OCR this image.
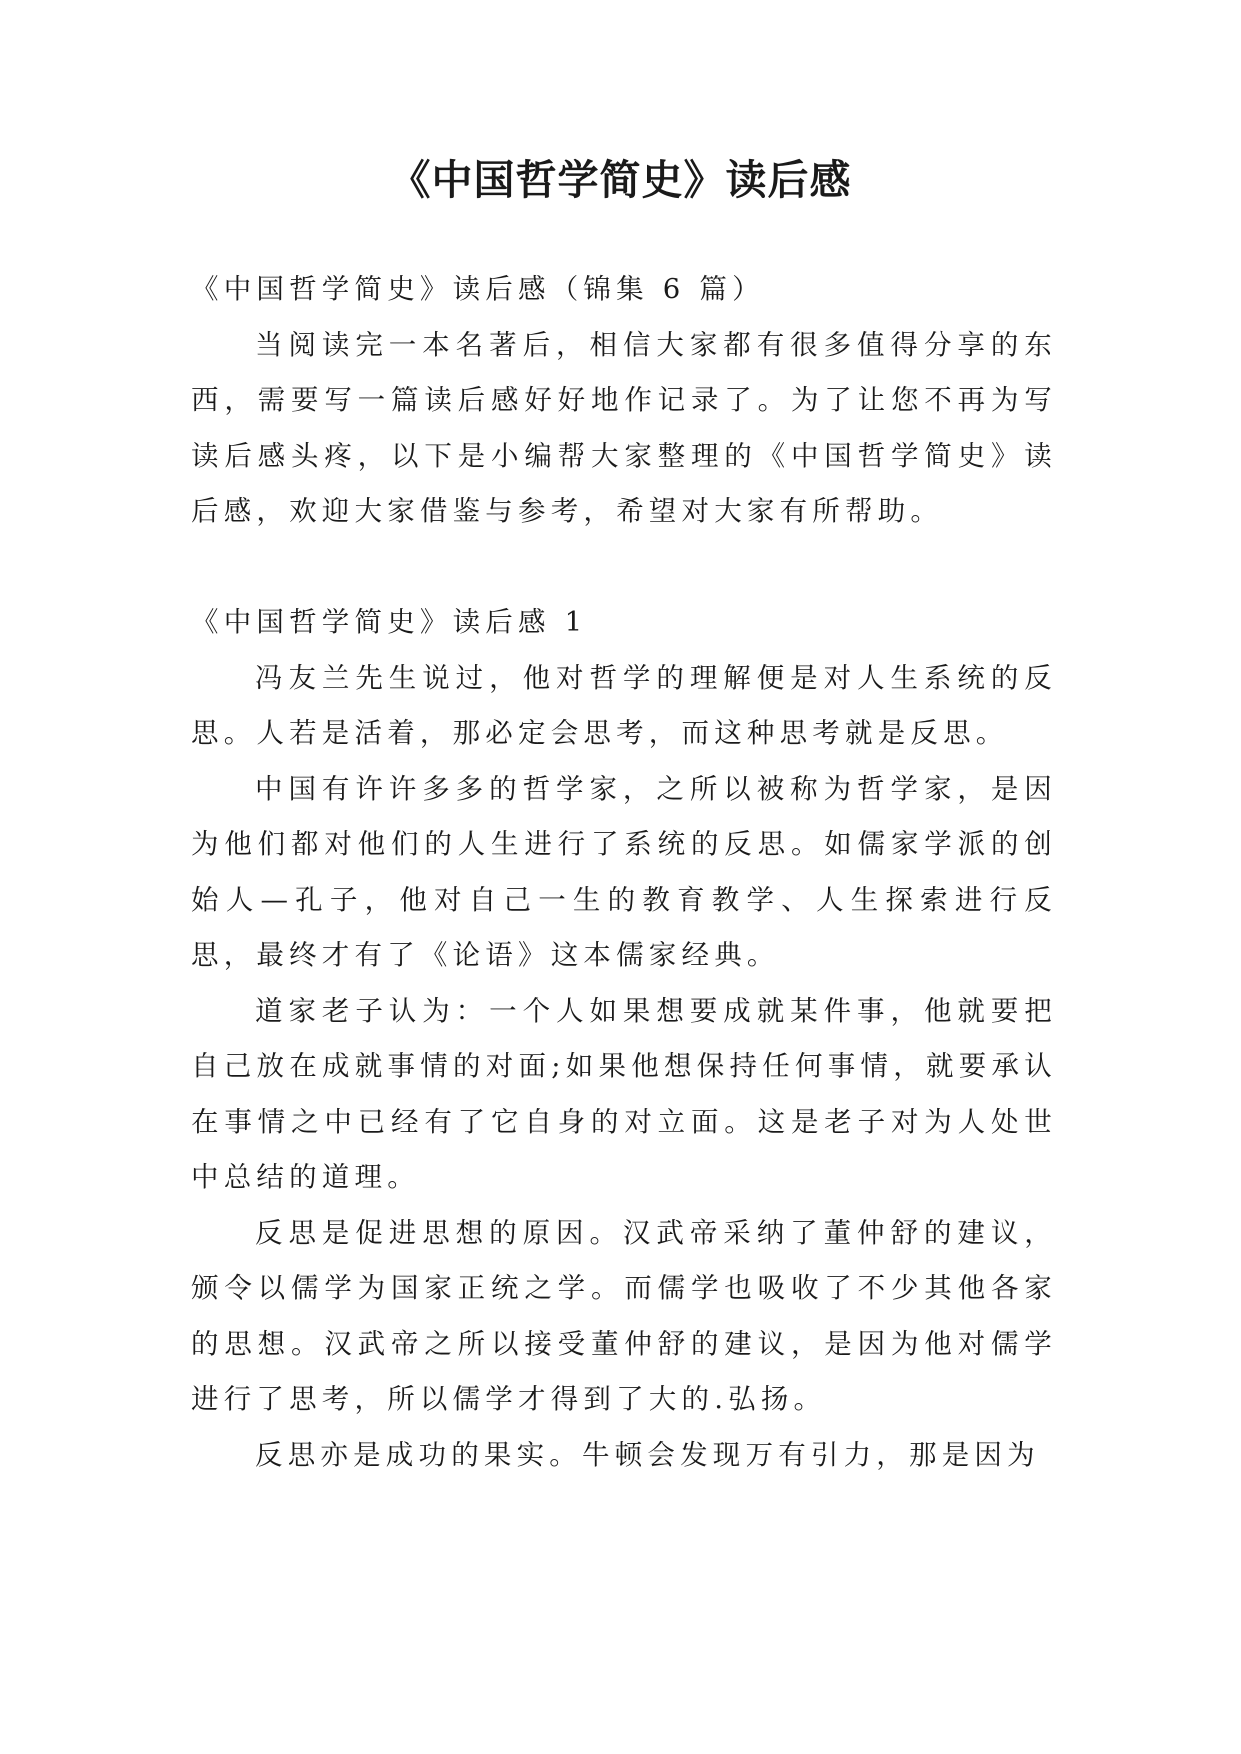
《中国哲学简史》读后感

《中国哲学简史》读后感（锦集 6 篇）

当阅读完一本名著后，相信大家都有很多值得分享的东西，需要写一篇读后感好好地作记录了。为了让您不再为写读后感头疼，以下是小编帮大家整理的《中国哲学简史》读后感，欢迎大家借鉴与参考，希望对大家有所帮助。

《中国哲学简史》读后感 1

冯友兰先生说过，他对哲学的理解便是对人生系统的反思。人若是活着，那必定会思考，而这种思考就是反思。

中国有许许多多的哲学家，之所以被称为哲学家，是因为他们都对他们的人生进行了系统的反思。如儒家学派的创始人—孔子，他对自己一生的教育教学、人生探索进行反思，最终才有了《论语》这本儒家经典。

道家老子认为：一个人如果想要成就某件事，他就要把自己放在成就事情的对面;如果他想保持任何事情，就要承认在事情之中已经有了它自身的对立面。这是老子对为人处世中总结的道理。

反思是促进思想的原因。汉武帝采纳了董仲舒的建议，颁令以儒学为国家正统之学。而儒学也吸收了不少其他各家的思想。汉武帝之所以接受董仲舒的建议，是因为他对儒学进行了思考，所以儒学才得到了大的.弘扬。

反思亦是成功的果实。牛顿会发现万有引力，那是因为
